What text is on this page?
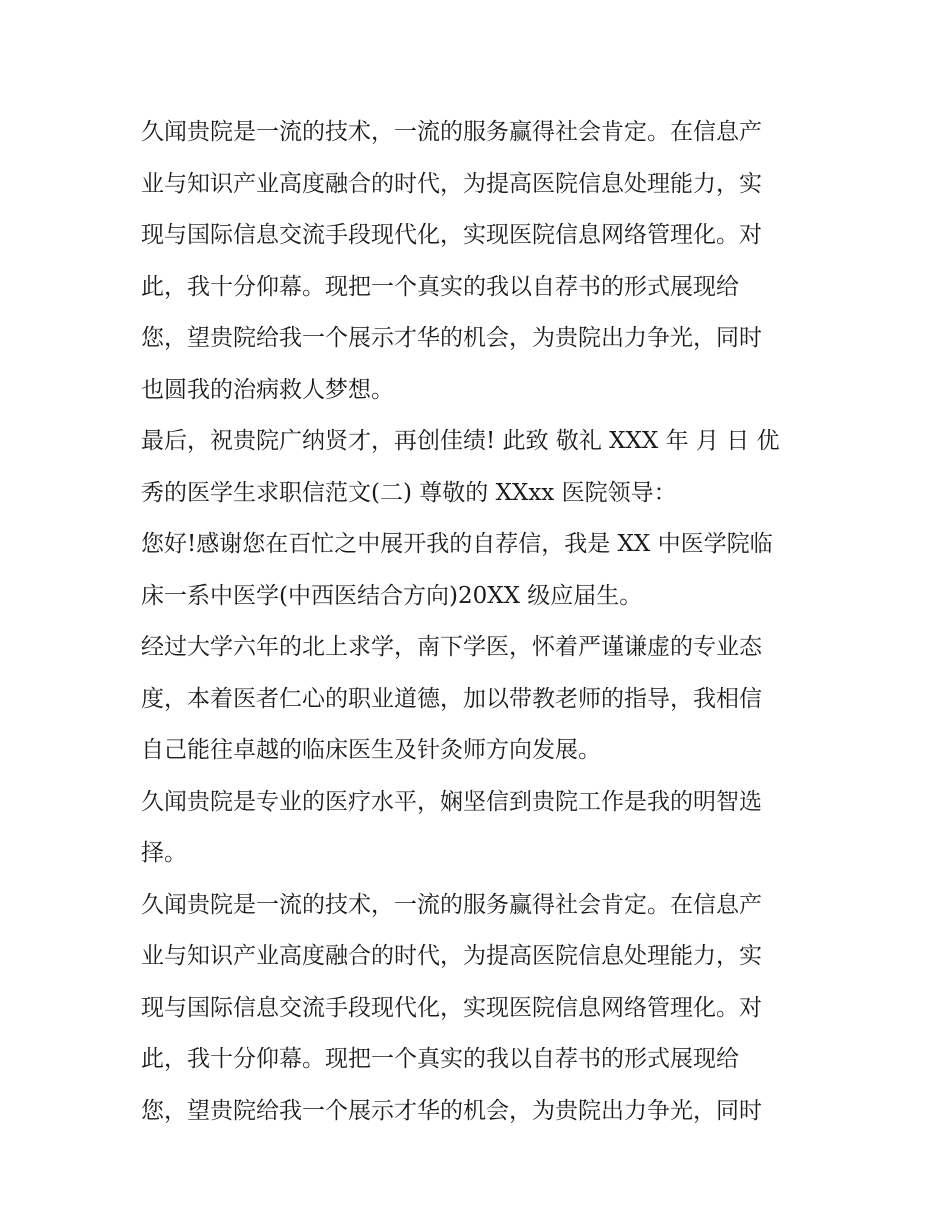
久闻贵院是一流的技术，一流的服务赢得社会肯定。在信息产
业与知识产业高度融合的时代，为提高医院信息处理能力，实
现与国际信息交流手段现代化，实现医院信息网络管理化。对
此，我十分仰幕。现把一个真实的我以自荐书的形式展现给
您，望贵院给我一个展示才华的机会，为贵院出力争光，同时
也圆我的治病救人梦想。
最后，祝贵院广纳贤才，再创佳绩! 此致 敬礼 XXX 年 月 日 优
秀的医学生求职信范文(二) 尊敬的 XXxx 医院领导：
您好!感谢您在百忙之中展开我的自荐信，我是 XX 中医学院临
床一系中医学(中西医结合方向)20XX 级应届生。
经过大学六年的北上求学，南下学医，怀着严谨谦虚的专业态
度，本着医者仁心的职业道德，加以带教老师的指导，我相信
自己能往卓越的临床医生及针灸师方向发展。
久闻贵院是专业的医疗水平，娴坚信到贵院工作是我的明智选
择。
久闻贵院是一流的技术，一流的服务赢得社会肯定。在信息产
业与知识产业高度融合的时代，为提高医院信息处理能力，实
现与国际信息交流手段现代化，实现医院信息网络管理化。对
此，我十分仰幕。现把一个真实的我以自荐书的形式展现给
您，望贵院给我一个展示才华的机会，为贵院出力争光，同时
